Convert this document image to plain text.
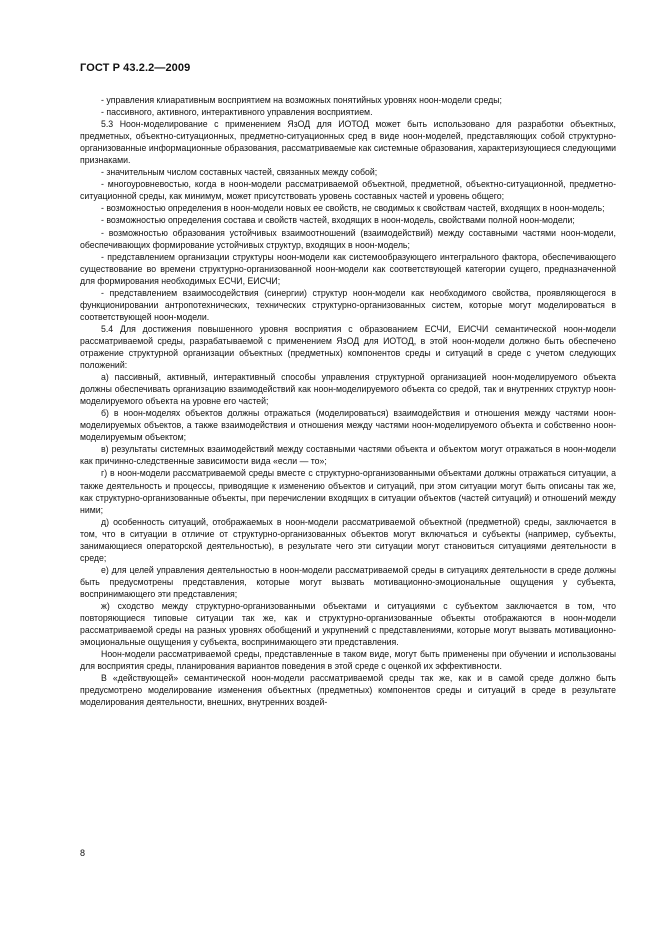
ГОСТ Р 43.2.2—2009

- управления клиаративным восприятием на возможных понятийных уровнях ноон-модели среды;

- пассивного, активного, интерактивного управления восприятием.

5.3 Ноон-моделирование с применением ЯзОД для ИОТОД может быть использовано для разработки объектных, предметных, объектно-ситуационных, предметно-ситуационных сред в виде ноон-моделей, представляющих собой структурно-организованные информационные образования, рассматриваемые как системные образования, характеризующиеся следующими признаками.

- значительным числом составных частей, связанных между собой;

- многоуровневостью, когда в ноон-модели рассматриваемой объектной, предметной, объектно-ситуационной, предметно-ситуационной среды, как минимум, может присутствовать уровень составных частей и уровень общего;

- возможностью определения в ноон-модели новых ее свойств, не сводимых к свойствам частей, входящих в ноон-модель;

- возможностью определения состава и свойств частей, входящих в ноон-модель, свойствами полной ноон-модели;

- возможностью образования устойчивых взаимоотношений (взаимодействий) между составными частями ноон-модели, обеспечивающих формирование устойчивых структур, входящих в ноон-модель;

- представлением организации структуры ноон-модели как системообразующего интегрального фактора, обеспечивающего существование во времени структурно-организованной ноон-модели как соответствующей категории сущего, предназначенной для формирования необходимых ЕСЧИ, ЕИСЧИ;

- представлением взаимосодействия (синергии) структур ноон-модели как необходимого свойства, проявляющегося в функционировании антропотехнических, технических структурно-организованных систем, которые могут моделироваться в соответствующей ноон-модели.

5.4 Для достижения повышенного уровня восприятия с образованием ЕСЧИ, ЕИСЧИ семантической ноон-модели рассматриваемой среды, разрабатываемой с применением ЯзОД для ИОТОД, в этой ноон-модели должно быть обеспечено отражение структурной организации объектных (предметных) компонентов среды и ситуаций в среде с учетом следующих положений:

а) пассивный, активный, интерактивный способы управления структурной организацией ноон-моделируемого объекта должны обеспечивать организацию взаимодействий как ноон-моделируемого объекта со средой, так и внутренних структур ноон-моделируемого объекта на уровне его частей;

б) в ноон-моделях объектов должны отражаться (моделироваться) взаимодействия и отношения между частями ноон-моделируемых объектов, а также взаимодействия и отношения между частями ноон-моделируемого объекта и собственно ноон-моделируемым объектом;

в) результаты системных взаимодействий между составными частями объекта и объектом могут отражаться в ноон-модели как причинно-следственные зависимости вида «если — то»;

г) в ноон-модели рассматриваемой среды вместе с структурно-организованными объектами должны отражаться ситуации, а также деятельность и процессы, приводящие к изменению объектов и ситуаций, при этом ситуации могут быть описаны так же, как структурно-организованные объекты, при перечислении входящих в ситуации объектов (частей ситуаций) и отношений между ними;

д) особенность ситуаций, отображаемых в ноон-модели рассматриваемой объектной (предметной) среды, заключается в том, что в ситуации в отличие от структурно-организованных объектов могут включаться и субъекты (например, субъекты, занимающиеся операторской деятельностью), в результате чего эти ситуации могут становиться ситуациями деятельности в среде;

е) для целей управления деятельностью в ноон-модели рассматриваемой среды в ситуациях деятельности в среде должны быть предусмотрены представления, которые могут вызвать мотивационно-эмоциональные ощущения у субъекта, воспринимающего эти представления;

ж) сходство между структурно-организованными объектами и ситуациями с субъектом заключается в том, что повторяющиеся типовые ситуации так же, как и структурно-организованные объекты отображаются в ноон-модели рассматриваемой среды на разных уровнях обобщений и укрупнений с представлениями, которые могут вызвать мотивационно-эмоциональные ощущения у субъекта, воспринимающего эти представления.

Ноон-модели рассматриваемой среды, представленные в таком виде, могут быть применены при обучении и использованы для восприятия среды, планирования вариантов поведения в этой среде с оценкой их эффективности.

В «действующей» семантической ноон-модели рассматриваемой среды так же, как и в самой среде должно быть предусмотрено моделирование изменения объектных (предметных) компонентов среды и ситуаций в среде в результате моделирования деятельности, внешних, внутренних воздей-

8
